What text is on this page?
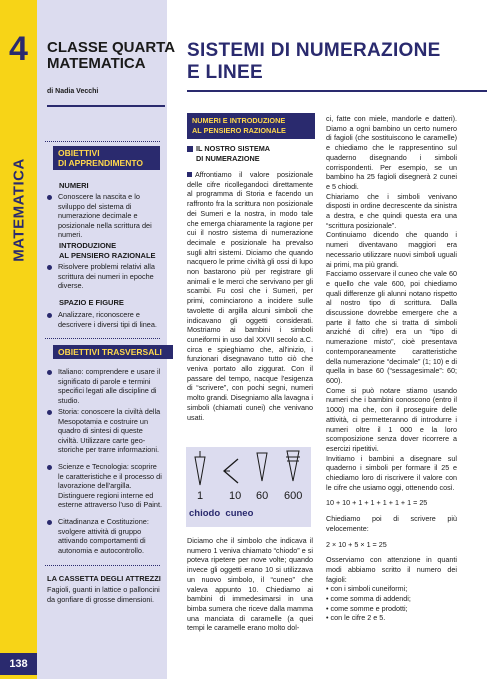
4
MATEMATICA
138
CLASSE QUARTA
MATEMATICA
di Nadia Vecchi
SISTEMI DI NUMERAZIONE
E LINEE
OBIETTIVI
DI APPRENDIMENTO
NUMERI
Conoscere la nascita e lo sviluppo del sistema di numerazione decimale e posizionale nella scrittura dei numeri.
INTRODUZIONE
AL PENSIERO RAZIONALE
Risolvere problemi relativi alla scrittura dei numeri in epoche diverse.
SPAZIO E FIGURE
Analizzare, riconoscere e descrivere i diversi tipi di linea.
OBIETTIVI TRASVERSALI
Italiano: comprendere e usare il significato di parole e termini specifici legati alle discipline di studio.
Storia: conoscere la civiltà della Mesopotamia e costruire un quadro di sintesi di queste civiltà. Utilizzare carte geo-storiche per trarre informazioni.
Scienze e Tecnologia: scoprire le caratteristiche e il processo di lavorazione dell'argilla. Distinguere regioni interne ed esterne attraverso l'uso di Paint.
Cittadinanza e Costituzione: svolgere attività di gruppo attivando comportamenti di autonomia e autocontrollo.
LA CASSETTA DEGLI ATTREZZI
Fagioli, guanti in lattice o palloncini da gonfiare di grosse dimensioni.
NUMERI E INTRODUZIONE
AL PENSIERO RAZIONALE
IL NOSTRO SISTEMA
DI NUMERAZIONE

Affrontiamo il valore posizionale delle cifre ricollegandoci direttamente al programma di Storia e facendo un raffronto fra la scrittura non posizionale dei Sumeri e la nostra, in modo tale che emerga chiaramente la ragione per cui il nostro sistema di numerazione decimale e posizionale ha prevalso sugli altri sistemi. Diciamo che quando nacquero le prime civiltà gli ossi di lupo non bastarono più per registrare gli animali e le merci che servivano per gli scambi. Fu così che i Sumeri, per primi, cominciarono a incidere sulle tavolette di argilla alcuni simboli che indicavano gli oggetti considerati. Mostriamo ai bambini i simboli cuneiformi in uso dal XXVII secolo a.C. circa e spieghiamo che, all'inizio, i funzionari disegnavano tutto ciò che veniva portato allo ziggurat. Con il passare del tempo, nacque l'esigenza di “scrivere”, con pochi segni, numeri molto grandi. Disegniamo alla lavagna i simboli (chiamati cunei) che venivano usati.

1 10 60 600
chiodo cuneo
Diciamo che il simbolo che indicava il numero 1 veniva chiamato “chiodo” e si poteva ripetere per nove volte; quando invece gli oggetti erano 10 si utilizzava un nuovo simbolo, il “cuneo” che valeva appunto 10. Chiediamo ai bambini di immedesimarsi in una bimba sumera che riceve dalla mamma una manciata di caramelle (a quei tempi le caramelle erano molto dol-

ci, fatte con miele, mandorle e datteri). Diamo a ogni bambino un certo numero di fagioli (che sostituiscono le caramelle) e chiediamo che le rappresentino sul quaderno disegnando i simboli corrispondenti. Per esempio, se un bambino ha 25 fagioli disegnerà 2 cunei e 5 chiodi.

Chiariamo che i simboli venivano disposti in ordine decrescente da sinistra a destra, e che quindi questa era una “scrittura posizionale”.

Continuiamo dicendo che quando i numeri diventavano maggiori era necessario utilizzare nuovi simboli uguali ai primi, ma più grandi.

Facciamo osservare il cuneo che vale 60 e quello che vale 600, poi chiediamo quali differenze gli alunni notano rispetto al nostro tipo di scrittura. Dalla discussione dovrebbe emergere che a parte il fatto che si tratta di simboli anziché di cifre) era un “tipo di numerazione misto”, cioè presentava contemporaneamente caratteristiche della numerazione “decimale” (1; 10) e di quella in base 60 (“sessagesimale”: 60; 600).

Come si può notare stiamo usando numeri che i bambini conoscono (entro il 1000) ma che, con il proseguire delle attività, ci permetteranno di introdurre i numeri oltre il 1 000 e la loro scomposizione senza dover ricorrere a esercizi ripetitivi.

Invitiamo i bambini a disegnare sul quaderno i simboli per formare il 25 e chiediamo loro di riscrivere il valore con le cifre che usiamo oggi, ottenendo così.

10 + 10 + 1 + 1 + 1 + 1 + 1 = 25

Chiediamo poi di scrivere più velocemente:

2 × 10 + 5 × 1 = 25

Osserviamo con attenzione in quanti modi abbiamo scritto il numero dei fagioli:

• con i simboli cuneiformi;

• come somma di addendi;

• come somme e prodotti;

• con le cifre 2 e 5.
